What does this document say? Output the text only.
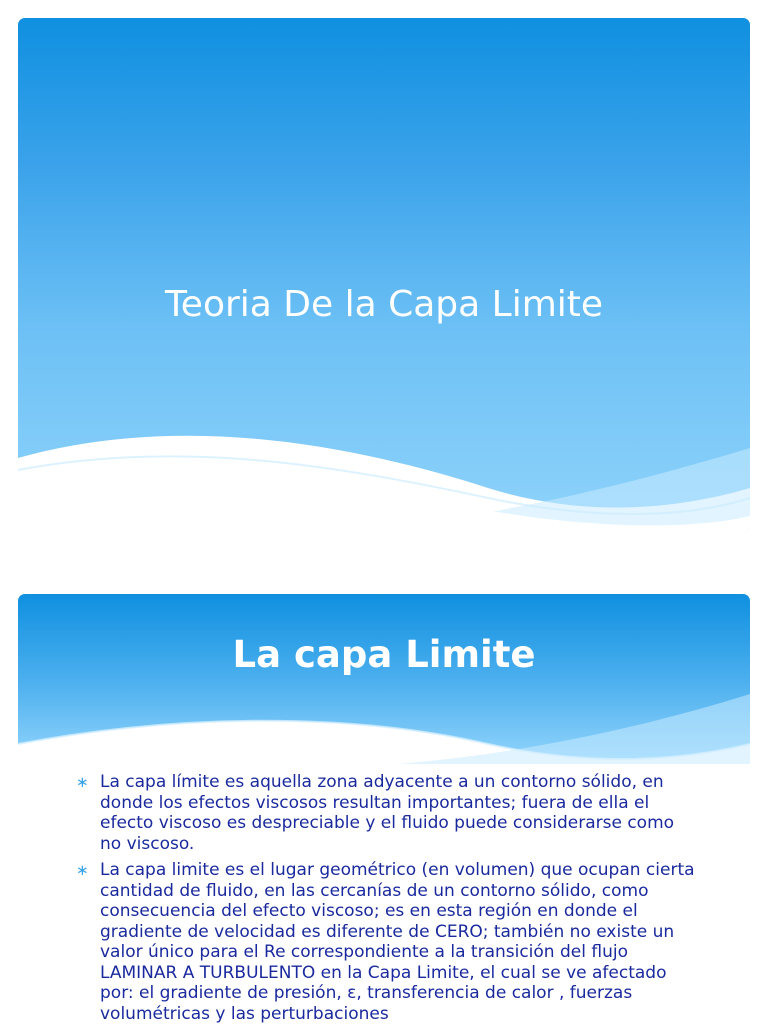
Teoria De la Capa Limite
La capa Limite
∗ La capa límite es aquella zona adyacente a un contorno sólido, en donde los efectos viscosos resultan importantes; fuera de ella el efecto viscoso es despreciable y el fluido puede considerarse como no viscoso.
∗ La capa limite es el lugar geométrico (en volumen) que ocupan cierta cantidad de fluido, en las cercanías de un contorno sólido, como consecuencia del efecto viscoso; es en esta región en donde el gradiente de velocidad es diferente de CERO; también no existe un valor único para el Re correspondiente a la transición del flujo LAMINAR A TURBULENTO en la Capa Limite, el cual se ve afectado por: el gradiente de presión, ε, transferencia de calor , fuerzas volumétricas y las perturbaciones
